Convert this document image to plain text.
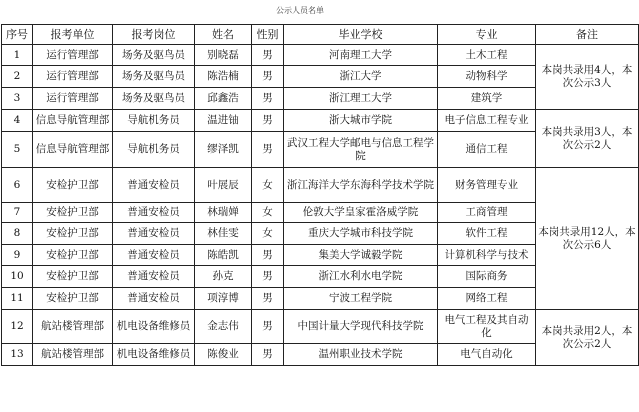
公示人员名单
序号	报考单位	报考岗位	姓名	性别	毕业学校	专业	备注
1	运行管理部	场务及驱鸟员	别晓磊	男	河南理工大学	土木工程	本岗共录用4人，本次公示3人
2	运行管理部	场务及驱鸟员	陈浩楠	男	浙江大学	动物科学	
3	运行管理部	场务及驱鸟员	邱鑫浩	男	浙江理工大学	建筑学	
4	信息导航管理部	导航机务员	温进铀	男	浙大城市学院	电子信息工程专业	本岗共录用3人，本次公示2人
5	信息导航管理部	导航机务员	缪泽凯	男	武汉工程大学邮电与信息工程学院	通信工程	
6	安检护卫部	普通安检员	叶展辰	女	浙江海洋大学东海科学技术学院	财务管理专业	本岗共录用12人，本次公示6人
7	安检护卫部	普通安检员	林瑞婵	女	伦敦大学皇家霍洛威学院	工商管理	
8	安检护卫部	普通安检员	林佳雯	女	重庆大学城市科技学院	软件工程	
9	安检护卫部	普通安检员	陈皓凯	男	集美大学诚毅学院	计算机科学与技术	
10	安检护卫部	普通安检员	孙克	男	浙江水利水电学院	国际商务	
11	安检护卫部	普通安检员	项淳博	男	宁波工程学院	网络工程	
12	航站楼管理部	机电设备维修员	金志伟	男	中国计量大学现代科技学院	电气工程及其自动化	本岗共录用2人，本次公示2人
13	航站楼管理部	机电设备维修员	陈俊业	男	温州职业技术学院	电气自动化	
